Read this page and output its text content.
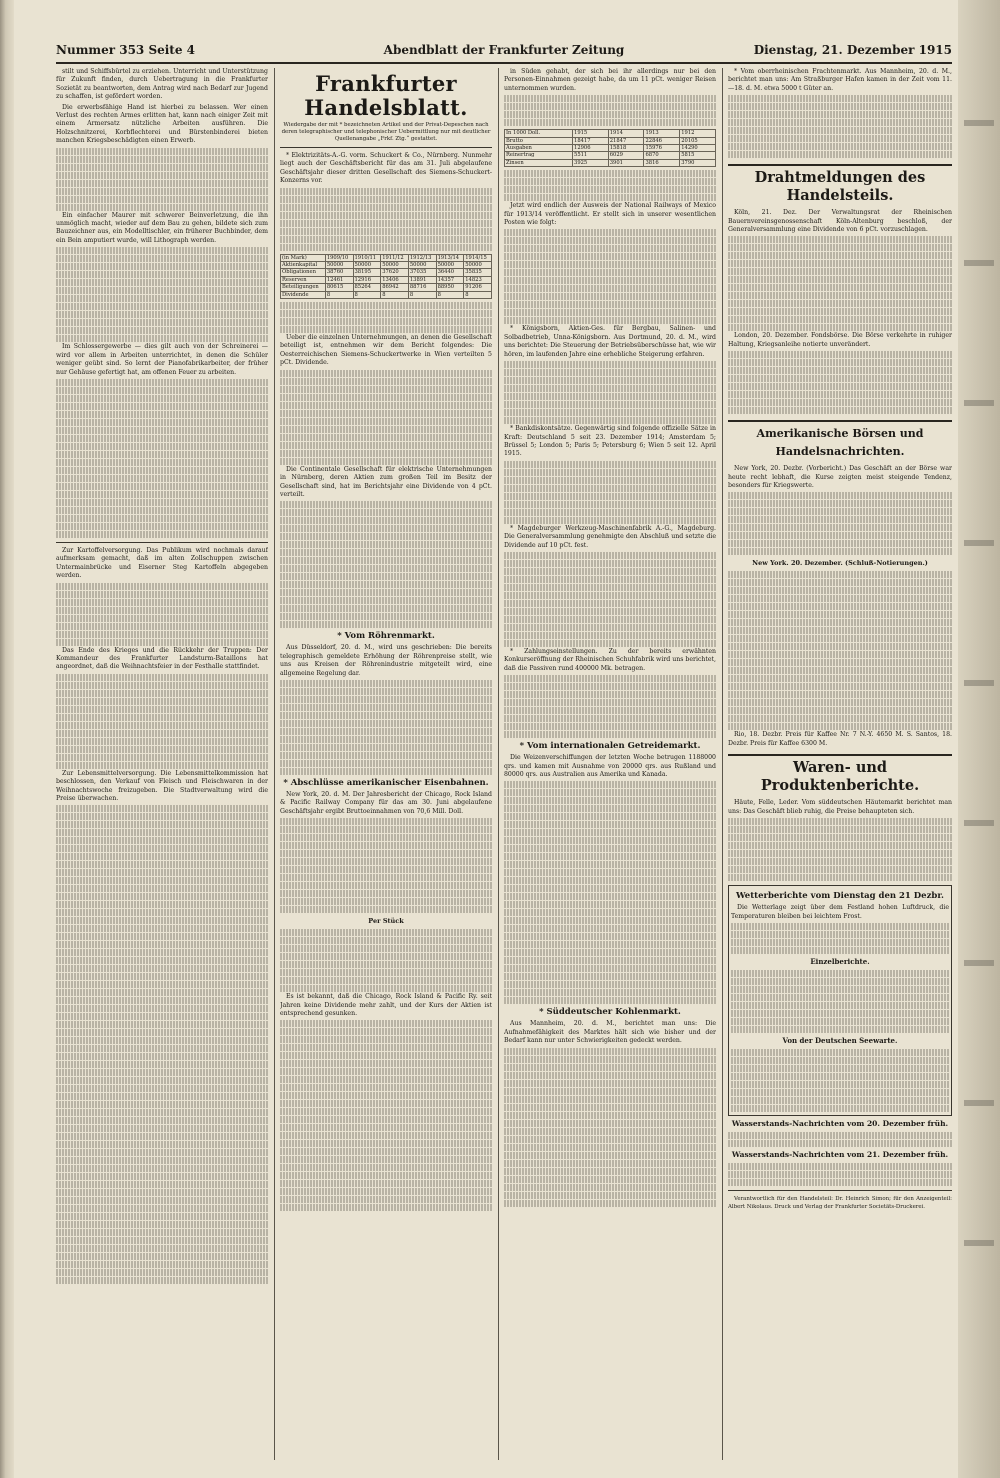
Nummer 353 Seite 4	Abendblatt der Frankfurter Zeitung	Dienstag, 21. Dezember 1915

stilt und Schiffsbürtel zu erziehen. Unterricht und Unterstützung für Zukunft finden, durch Uebertragung in die Frankfurter Sozietät zu beantworten, dem Antrag wird nach Bedarf zur Jugend zu schaffen, ist gefördert worden.

Die erwerbsfähige Hand ist hierbei zu belassen. Wer einen Verlust des rechten Armes erlitten hat, kann nach einiger Zeit mit einem Armersatz nützliche Arbeiten ausführen. Die Holzschnitzerei, Korbflechterei und Bürstenbinderei bieten manchen Kriegsbeschädigten einen Erwerb.

Ein einfacher Maurer mit schwerer Beinverletzung, die ihn unmöglich macht, wieder auf dem Bau zu gehen, bildete sich zum Bauzeichner aus, ein Modelltischler, ein früherer Buchbinder, dem ein Bein amputiert wurde, will Lithograph werden.

Im Schlossergewerbe — dies gilt auch von der Schreinerei — wird vor allem in Arbeiten unterrichtet, in denen die Schüler weniger geübt sind. So lernt der Pianofabrikarbeiter, der früher nur Gehäuse gefertigt hat, am offenen Feuer zu arbeiten.

Zur Kartoffelversorgung. Das Publikum wird nochmals darauf aufmerksam gemacht, daß im alten Zollschuppen zwischen Untermainbrücke und Eiserner Steg Kartoffeln abgegeben werden.

Das Ende des Krieges und die Rückkehr der Truppen: Der Kommandeur des Frankfurter Landsturm-Bataillons hat angeordnet, daß die Weihnachtsfeier in der Festhalle stattfindet.

Zur Lebensmittelversorgung. Die Lebensmittelkommission hat beschlossen, den Verkauf von Fleisch und Fleischwaren in der Weihnachtswoche freizugeben. Die Stadtverwaltung wird die Preise überwachen.

Frankfurter Handelsblatt.
Wiedergabe der mit * bezeichneten Artikel und der Privat-Depeschen nach deren telegraphischer und telephonischer Uebermittlung nur mit deutlicher Quellenangabe „Frkf. Ztg.“ gestattet.

* Elektrizitäts-A.-G. vorm. Schuckert & Co., Nürnberg. Nunmehr liegt auch der Geschäftsbericht für das am 31. Juli abgelaufene Geschäftsjahr dieser dritten Gesellschaft des Siemens-Schuckert-Konzerns vor.

(in Mark)	1909/10	1910/11	1911/12	1912/13	1913/14	1914/15
Aktienkapital	50000	50000	50000	50000	50000	50000
Obligationen	38760	38195	37620	37035	36440	35835
Reserven	12461	12916	13406	13891	14357	14823
Beteiligungen	80615	85264	86942	88716	88950	91206
Dividende	8	8	8	8	8	8

Ueber die einzelnen Unternehmungen, an denen die Gesellschaft beteiligt ist, entnehmen wir dem Bericht folgendes: Die Oesterreichischen Siemens-Schuckertwerke in Wien verteilten 5 pCt. Dividende.

Die Continentale Gesellschaft für elektrische Unternehmungen in Nürnberg, deren Aktien zum großen Teil im Besitz der Gesellschaft sind, hat im Berichtsjahr eine Dividende von 4 pCt. verteilt.

* Vom Röhrenmarkt.

Aus Düsseldorf, 20. d. M., wird uns geschrieben: Die bereits telegraphisch gemeldete Erhöhung der Röhrenpreise stellt, wie uns aus Kreisen der Röhrenindustrie mitgeteilt wird, eine allgemeine Regelung dar.

* Abschlüsse amerikanischer Eisenbahnen.

New York, 20. d. M. Der Jahresbericht der Chicago, Rock Island & Pacific Railway Company für das am 30. Juni abgelaufene Geschäftsjahr ergibt Bruttoeinnahmen von 70,6 Mill. Doll.

Per Stück

Es ist bekannt, daß die Chicago, Rock Island & Pacific Ry. seit Jahren keine Dividende mehr zahlt, und der Kurs der Aktien ist entsprechend gesunken.

in Süden gehabt, der sich bei ihr allerdings nur bei den Personen-Einnahmen gezeigt habe, da um 11 pCt. weniger Reisen unternommen wurden.

In 1000 Doll.	1915	1914	1913	1912
Brutto	18417	21847	22846	20105
Ausgaben	12906	15818	15976	14290
Reinertrag	5511	6029	6870	5815
Zinsen	3925	3901	3816	3790

Jetzt wird endlich der Ausweis der National Railways of Mexico für 1913/14 veröffentlicht. Er stellt sich in unserer wesentlichen Posten wie folgt:

* Königsborn, Aktien-Ges. für Bergbau, Salinen- und Solbadbetrieb, Unna-Königsborn. Aus Dortmund, 20. d. M., wird uns berichtet: Die Steuerung der Betriebsüberschüsse hat, wie wir hören, im laufenden Jahre eine erhebliche Steigerung erfahren.

* Bankdiskontsätze. Gegenwärtig sind folgende offizielle Sätze in Kraft: Deutschland 5 seit 23. Dezember 1914; Amsterdam 5; Brüssel 5; London 5; Paris 5; Petersburg 6; Wien 5 seit 12. April 1915.

* Magdeburger Werkzeug-Maschinenfabrik A.-G., Magdeburg. Die Generalversammlung genehmigte den Abschluß und setzte die Dividende auf 10 pCt. fest.

* Zahlungseinstellungen. Zu der bereits erwähnten Konkurseröffnung der Rheinischen Schuhfabrik wird uns berichtet, daß die Passiven rund 400000 Mk. betragen.

* Vom internationalen Getreidemarkt.

Die Weizenverschiffungen der letzten Woche betrugen 1188000 qrs. und kamen mit Ausnahme von 20000 qrs. aus Rußland und 80000 qrs. aus Australien aus Amerika und Kanada.

* Süddeutscher Kohlenmarkt.

Aus Mannheim, 20. d. M., berichtet man uns: Die Aufnahmefähigkeit des Marktes hält sich wie bisher und der Bedarf kann nur unter Schwierigkeiten gedeckt werden.

* Vom oberrheinischen Frachtenmarkt. Aus Mannheim, 20. d. M., berichtet man uns: Am Straßburger Hafen kamen in der Zeit vom 11.—18. d. M. etwa 5000 t Güter an.

Drahtmeldungen des Handelsteils.

Köln, 21. Dez. Der Verwaltungsrat der Rheinischen Bauernvereinsgenossenschaft Köln-Altenburg beschloß, der Generalversammlung eine Dividende von 6 pCt. vorzuschlagen.

London, 20. Dezember. Fondsbörse. Die Börse verkehrte in ruhiger Haltung, Kriegsanleihe notierte unverändert.

Amerikanische Börsen und Handelsnachrichten.

New York, 20. Dezbr. (Vorbericht.) Das Geschäft an der Börse war heute recht lebhaft, die Kurse zeigten meist steigende Tendenz, besonders für Kriegswerte.

New York. 20. Dezember. (Schluß-Notierungen.)

Rio, 18. Dezbr. Preis für Kaffee Nr. 7 N.-Y. 4650 M. S. Santos, 18. Dezbr. Preis für Kaffee 6300 M.

Waren- und Produktenberichte.

Häute, Felle, Leder. Vom süddeutschen Häutemarkt berichtet man uns: Das Geschäft blieb ruhig, die Preise behaupteten sich.

Wetterberichte vom Dienstag den 21 Dezbr.

Die Wetterlage zeigt über dem Festland hohen Luftdruck, die Temperaturen bleiben bei leichtem Frost.

Einzelberichte.
Von der Deutschen Seewarte.
Wasserstands-Nachrichten vom 20. Dezember früh.
Wasserstands-Nachrichten vom 21. Dezember früh.

Verantwortlich für den Handelsteil: Dr. Heinrich Simon; für den Anzeigenteil: Albert Nikolaus. Druck und Verlag der Frankfurter Societäts-Druckerei.
